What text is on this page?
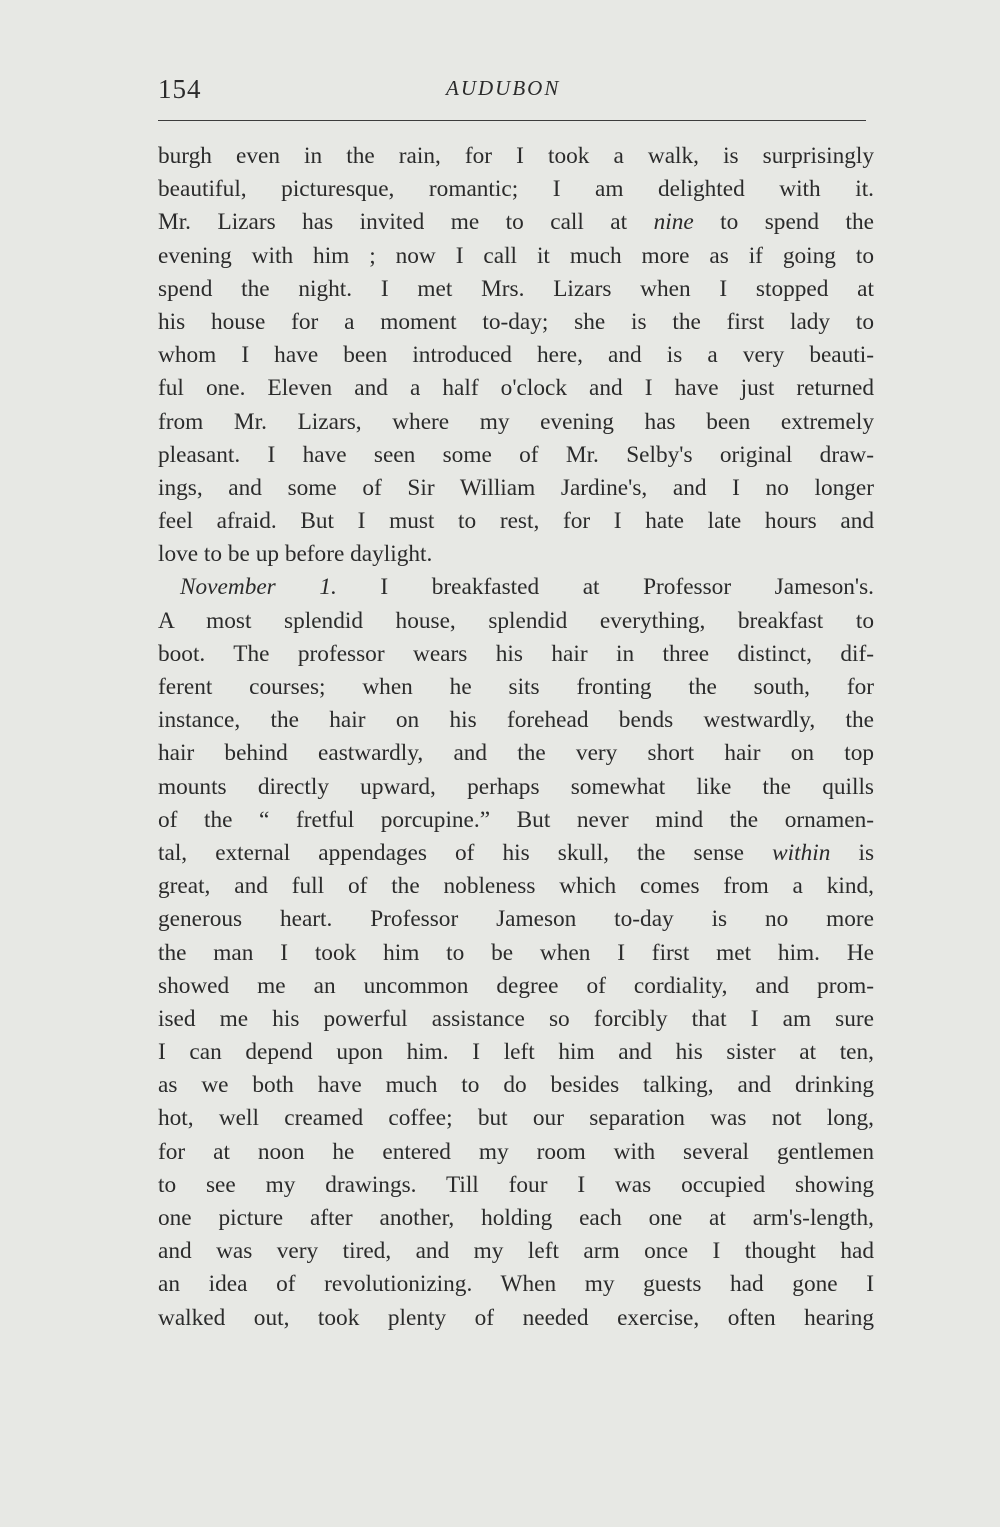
154	AUDUBON
burgh even in the rain, for I took a walk, is surprisingly
beautiful, picturesque, romantic; I am delighted with it.
Mr. Lizars has invited me to call at nine to spend the
evening with him ; now I call it much more as if going to
spend the night. I met Mrs. Lizars when I stopped at
his house for a moment to-day; she is the first lady to
whom I have been introduced here, and is a very beauti-
ful one. Eleven and a half o'clock and I have just returned
from Mr. Lizars, where my evening has been extremely
pleasant. I have seen some of Mr. Selby's original draw-
ings, and some of Sir William Jardine's, and I no longer
feel afraid. But I must to rest, for I hate late hours and
love to be up before daylight.
November 1. I breakfasted at Professor Jameson's.
A most splendid house, splendid everything, breakfast to
boot. The professor wears his hair in three distinct, dif-
ferent courses; when he sits fronting the south, for
instance, the hair on his forehead bends westwardly, the
hair behind eastwardly, and the very short hair on top
mounts directly upward, perhaps somewhat like the quills
of the “ fretful porcupine.” But never mind the ornamen-
tal, external appendages of his skull, the sense within is
great, and full of the nobleness which comes from a kind,
generous heart. Professor Jameson to-day is no more
the man I took him to be when I first met him. He
showed me an uncommon degree of cordiality, and prom-
ised me his powerful assistance so forcibly that I am sure
I can depend upon him. I left him and his sister at ten,
as we both have much to do besides talking, and drinking
hot, well creamed coffee; but our separation was not long,
for at noon he entered my room with several gentlemen
to see my drawings. Till four I was occupied showing
one picture after another, holding each one at arm's-length,
and was very tired, and my left arm once I thought had
an idea of revolutionizing. When my guests had gone I
walked out, took plenty of needed exercise, often hearing
